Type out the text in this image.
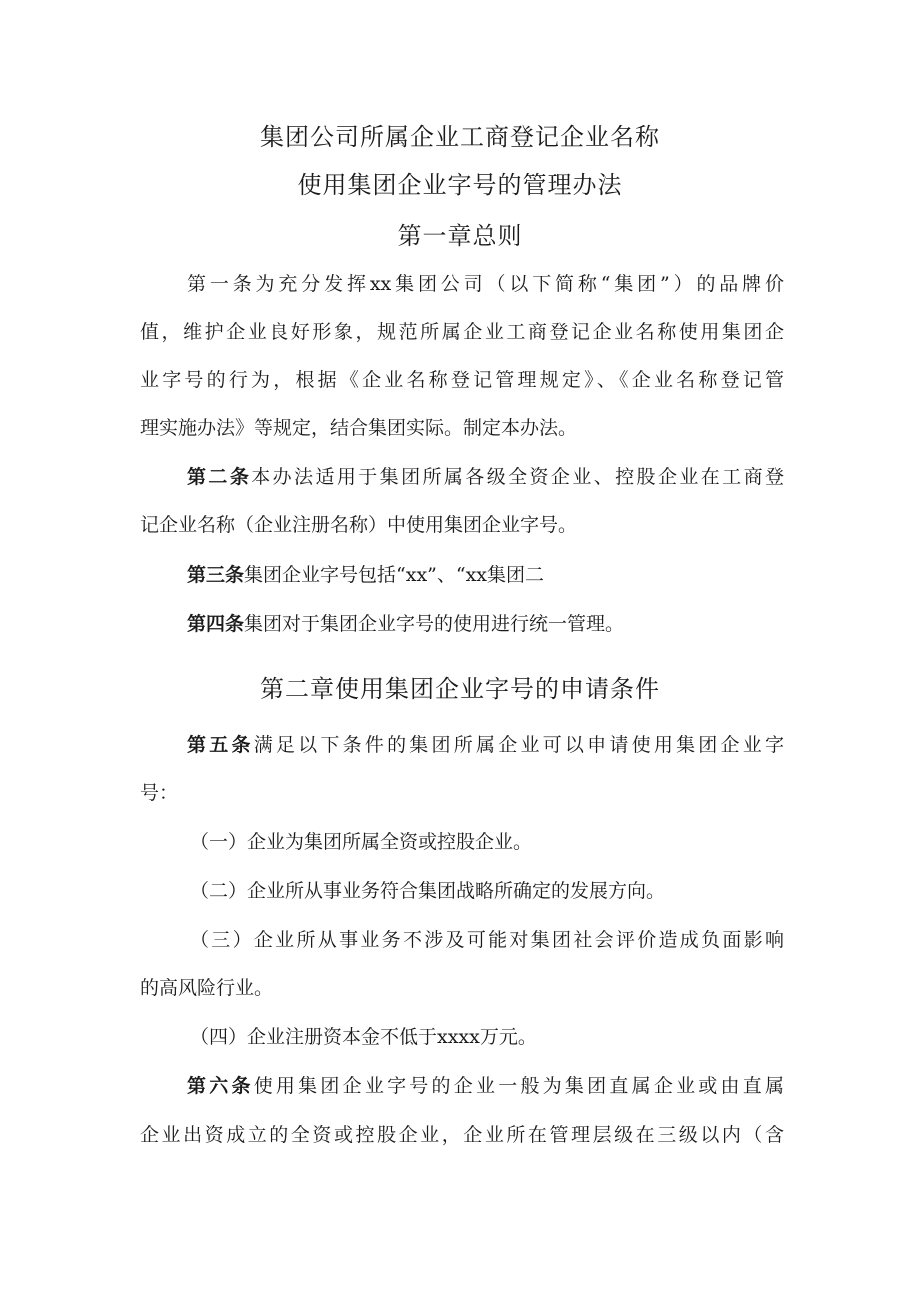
集团公司所属企业工商登记企业名称
使用集团企业字号的管理办法
第一章总则
第一条为充分发挥xx集团公司（以下简称“集团”）的品牌价
值，维护企业良好形象，规范所属企业工商登记企业名称使用集团企
业字号的行为，根据《企业名称登记管理规定》、《企业名称登记管
理实施办法》等规定，结合集团实际。制定本办法。
第二条本办法适用于集团所属各级全资企业、控股企业在工商登
记企业名称（企业注册名称）中使用集团企业字号。
第三条集团企业字号包括“xx”、“xx集团二
第四条集团对于集团企业字号的使用进行统一管理。
第二章使用集团企业字号的申请条件
第五条满足以下条件的集团所属企业可以申请使用集团企业字
号：
（一）企业为集团所属全资或控股企业。
（二）企业所从事业务符合集团战略所确定的发展方向。
（三）企业所从事业务不涉及可能对集团社会评价造成负面影响
的高风险行业。
（四）企业注册资本金不低于xxxx万元。
第六条使用集团企业字号的企业一般为集团直属企业或由直属
企业出资成立的全资或控股企业，企业所在管理层级在三级以内（含
